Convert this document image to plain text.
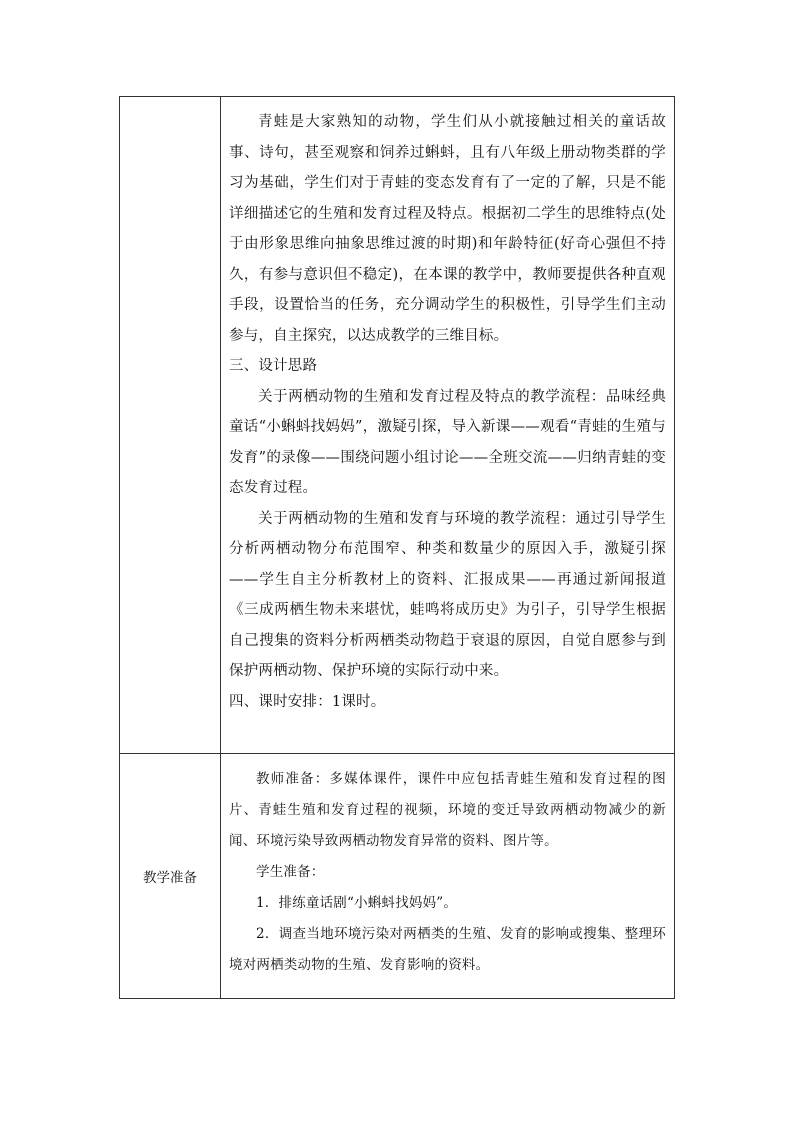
	青蛙是大家熟知的动物，学生们从小就接触过相关的童话故事、诗句，甚至观察和饲养过蝌蚪，且有八年级上册动物类群的学习为基础，学生们对于青蛙的变态发育有了一定的了解，只是不能详细描述它的生殖和发育过程及特点。根据初二学生的思维特点(处于由形象思维向抽象思维过渡的时期)和年龄特征(好奇心强但不持久，有参与意识但不稳定)，在本课的教学中，教师要提供各种直观手段，设置恰当的任务，充分调动学生的积极性，引导学生们主动参与，自主探究，以达成教学的三维目标。

三、设计思路

关于两栖动物的生殖和发育过程及特点的教学流程：品味经典童话“小蝌蚪找妈妈”，激疑引探，导入新课——观看“青蛙的生殖与发育”的录像——围绕问题小组讨论——全班交流——归纳青蛙的变态发育过程。

关于两栖动物的生殖和发育与环境的教学流程：通过引导学生分析两栖动物分布范围窄、种类和数量少的原因入手，激疑引探——学生自主分析教材上的资料、汇报成果——再通过新闻报道《三成两栖生物未来堪忧，蛙鸣将成历史》为引子，引导学生根据自己搜集的资料分析两栖类动物趋于衰退的原因，自觉自愿参与到保护两栖动物、保护环境的实际行动中来。

四、课时安排：1课时。

教学准备	教师准备：多媒体课件，课件中应包括青蛙生殖和发育过程的图片、青蛙生殖和发育过程的视频，环境的变迁导致两栖动物减少的新闻、环境污染导致两栖动物发育异常的资料、图片等。

学生准备：

1．排练童话剧“小蝌蚪找妈妈”。

2．调查当地环境污染对两栖类的生殖、发育的影响或搜集、整理环境对两栖类动物的生殖、发育影响的资料。
